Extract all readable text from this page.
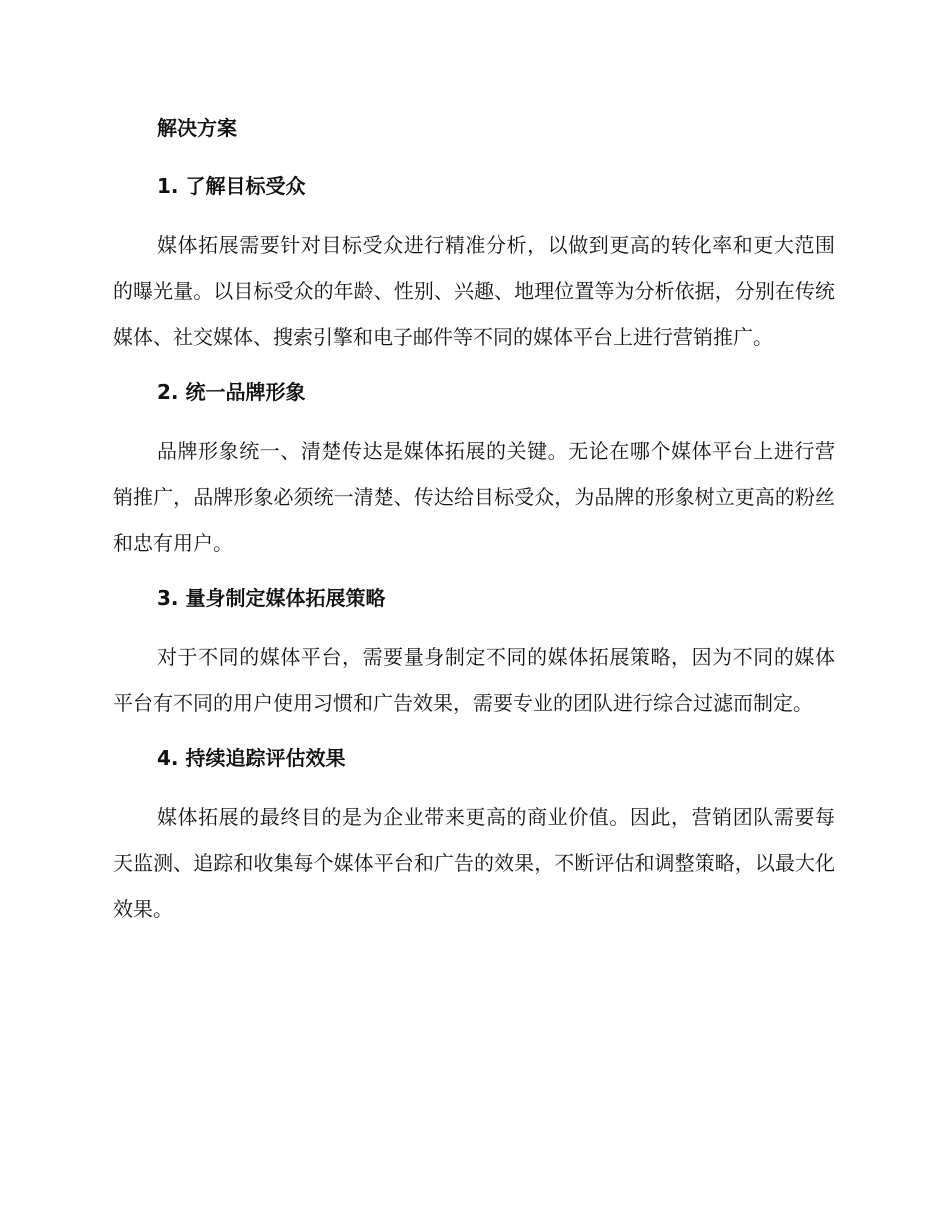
解决方案
1. 了解目标受众

媒体拓展需要针对目标受众进行精准分析，以做到更高的转化率和更大范围的曝光量。以目标受众的年龄、性别、兴趣、地理位置等为分析依据，分别在传统媒体、社交媒体、搜索引擎和电子邮件等不同的媒体平台上进行营销推广。

2. 统一品牌形象

品牌形象统一、清楚传达是媒体拓展的关键。无论在哪个媒体平台上进行营销推广，品牌形象必须统一清楚、传达给目标受众，为品牌的形象树立更高的粉丝和忠有用户。

3. 量身制定媒体拓展策略

对于不同的媒体平台，需要量身制定不同的媒体拓展策略，因为不同的媒体平台有不同的用户使用习惯和广告效果，需要专业的团队进行综合过滤而制定。

4. 持续追踪评估效果

媒体拓展的最终目的是为企业带来更高的商业价值。因此，营销团队需要每天监测、追踪和收集每个媒体平台和广告的效果，不断评估和调整策略，以最大化效果。
